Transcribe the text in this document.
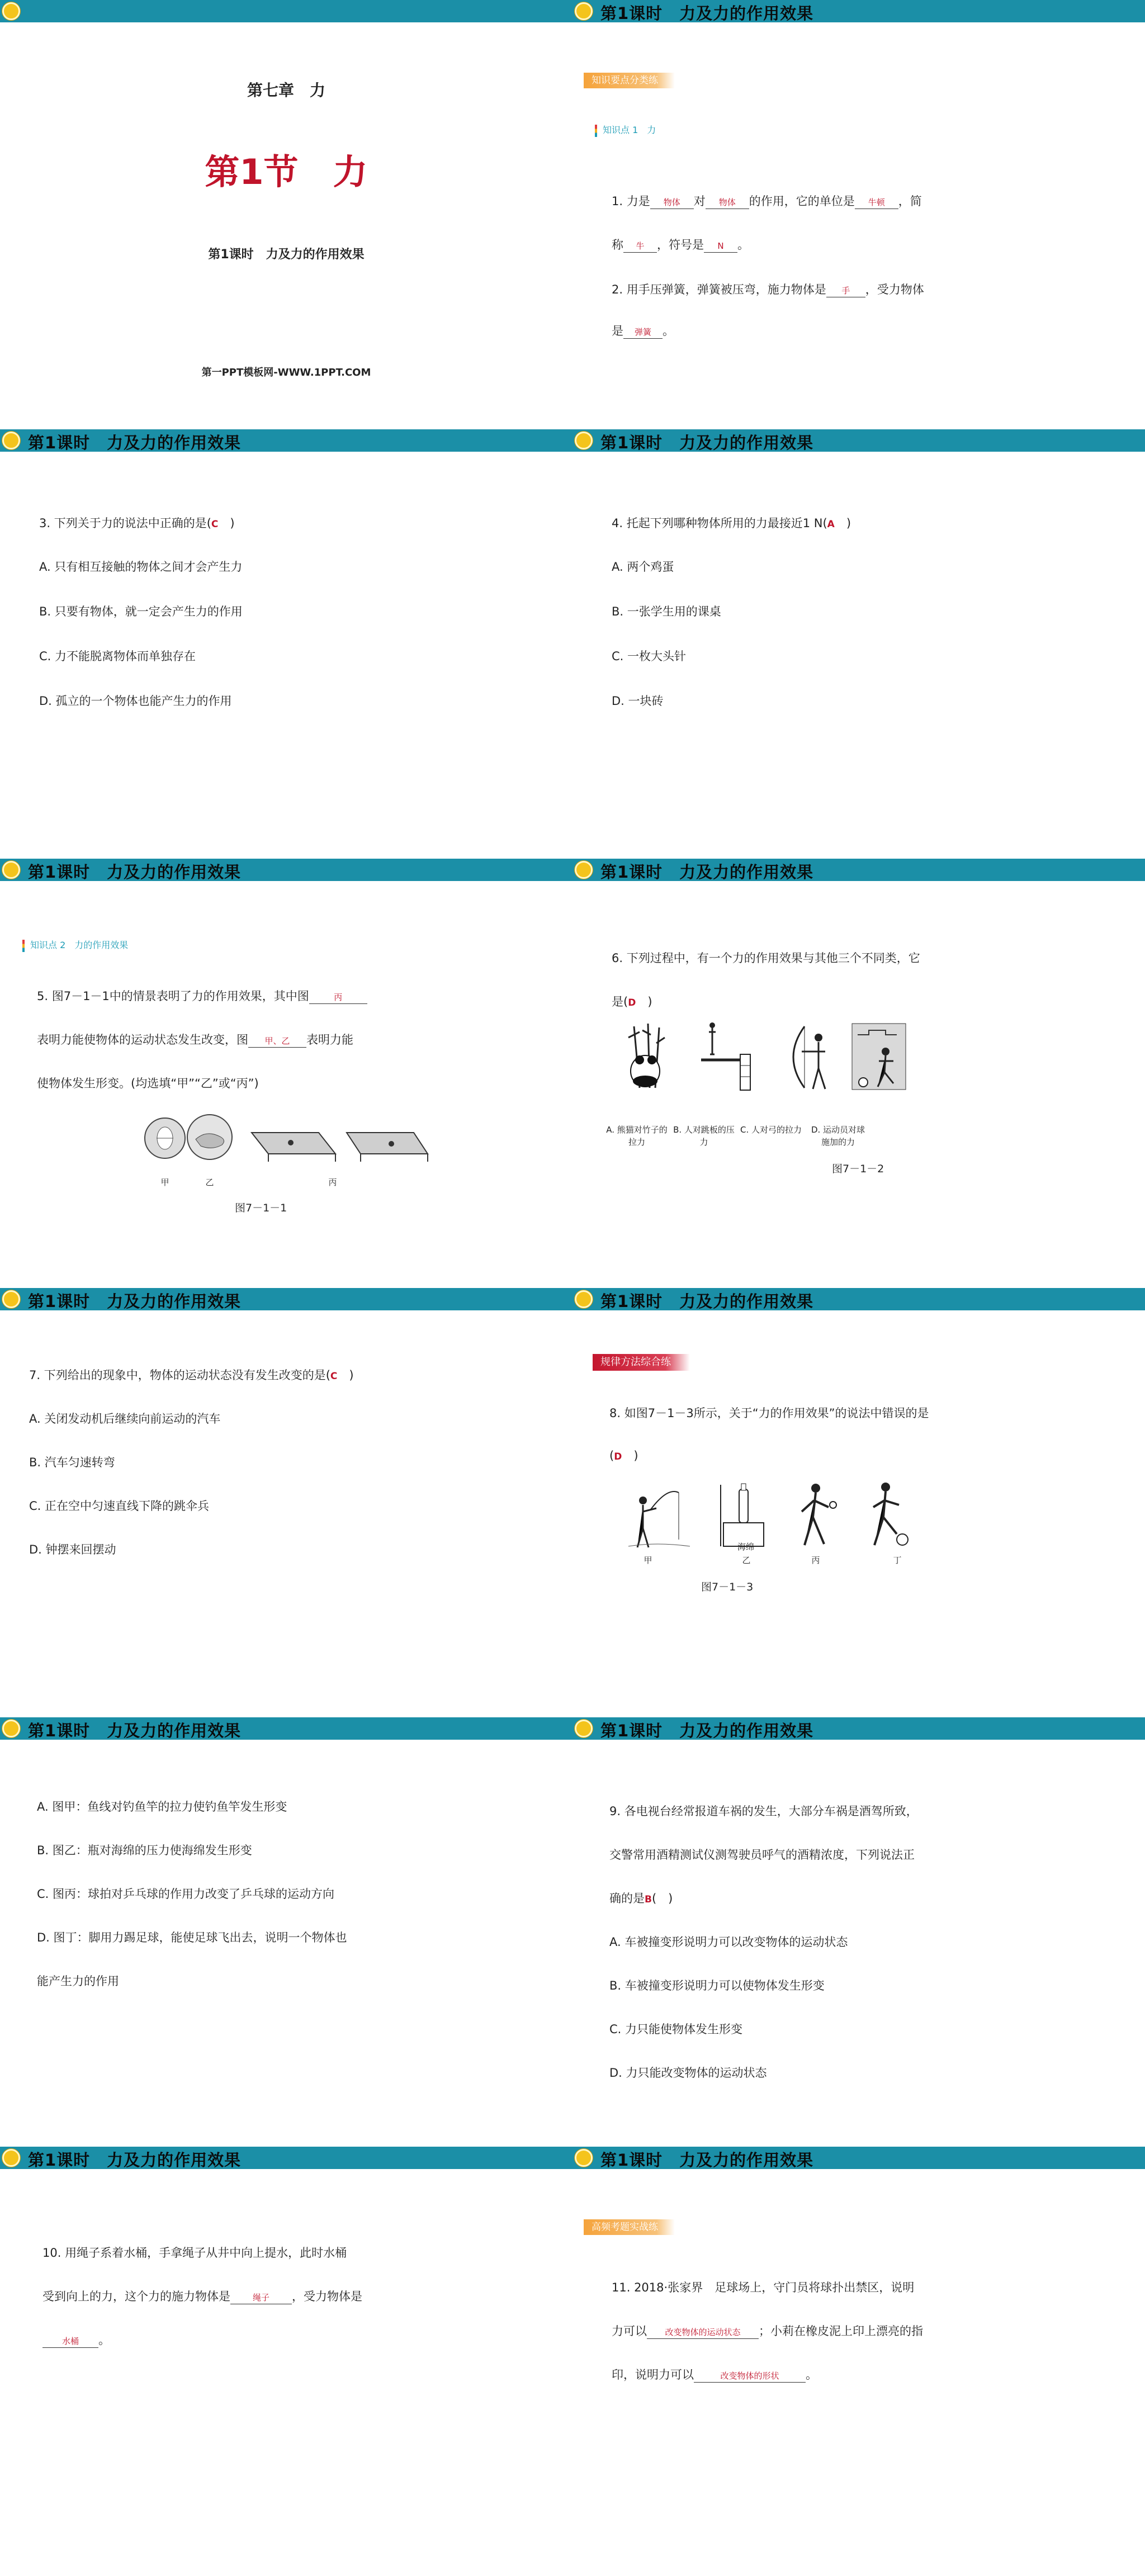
第七章　力
第1节　力
第1课时　力及力的作用效果
第一PPT模板网-WWW.1PPT.COM
第1课时　力及力的作用效果
知识要点分类练
知识点 1　力
1. 力是 物体 对 物体 的作用，它的单位是 牛顿 ，简
称 牛 ，符号是 N 。
2. 用手压弹簧，弹簧被压弯，施力物体是 手 ，受力物体
是 弹簧 。
第1课时　力及力的作用效果
3. 下列关于力的说法中正确的是(C　)
A. 只有相互接触的物体之间才会产生力
B. 只要有物体，就一定会产生力的作用
C. 力不能脱离物体而单独存在
D. 孤立的一个物体也能产生力的作用
第1课时　力及力的作用效果
4. 托起下列哪种物体所用的力最接近1 N(A　)
A. 两个鸡蛋
B. 一张学生用的课桌
C. 一枚大头针
D. 一块砖
第1课时　力及力的作用效果
知识点 2　力的作用效果
5. 图7－1－1中的情景表明了力的作用效果，其中图	丙
表明力能使物体的运动状态发生改变，图 甲、乙 表明力能
使物体发生形变。(均选填“甲”“乙”或“丙”)
甲	乙	丙
图7－1－1
第1课时　力及力的作用效果
6. 下列过程中，有一个力的作用效果与其他三个不同类，它
是(D　)
A. 熊猫对竹子的拉力
B. 人对跳板的压力
C. 人对弓的拉力	D. 运动员对球施加的力
图7－1－2
第1课时　力及力的作用效果
7. 下列给出的现象中，物体的运动状态没有发生改变的是(C　)
A. 关闭发动机后继续向前运动的汽车
B. 汽车匀速转弯
C. 正在空中匀速直线下降的跳伞兵
D. 钟摆来回摆动
第1课时　力及力的作用效果
规律方法综合练
8. 如图7－1－3所示，关于“力的作用效果”的说法中错误的是
(D　)
海绵
甲	乙	丙	丁
图7－1－3
第1课时　力及力的作用效果
A. 图甲：鱼线对钓鱼竿的拉力使钓鱼竿发生形变
B. 图乙：瓶对海绵的压力使海绵发生形变
C. 图丙：球拍对乒乓球的作用力改变了乒乓球的运动方向
D. 图丁：脚用力踢足球，能使足球飞出去，说明一个物体也
能产生力的作用
第1课时　力及力的作用效果
9. 各电视台经常报道车祸的发生，大部分车祸是酒驾所致，
交警常用酒精测试仪测驾驶员呼气的酒精浓度，下列说法正
确的是B(　)
A. 车被撞变形说明力可以改变物体的运动状态
B. 车被撞变形说明力可以使物体发生形变
C. 力只能使物体发生形变
D. 力只能改变物体的运动状态
第1课时　力及力的作用效果
10. 用绳子系着水桶，手拿绳子从井中向上提水，此时水桶
受到向上的力，这个力的施力物体是	绳子 ，受力物体是
水桶 。
第1课时　力及力的作用效果
高频考题实战练
11. 2018·张家界　足球场上，守门员将球扑出禁区，说明
力可以 改变物体的运动状态 ；小莉在橡皮泥上印上漂亮的指
印，说明力可以	改变物体的形状 。
